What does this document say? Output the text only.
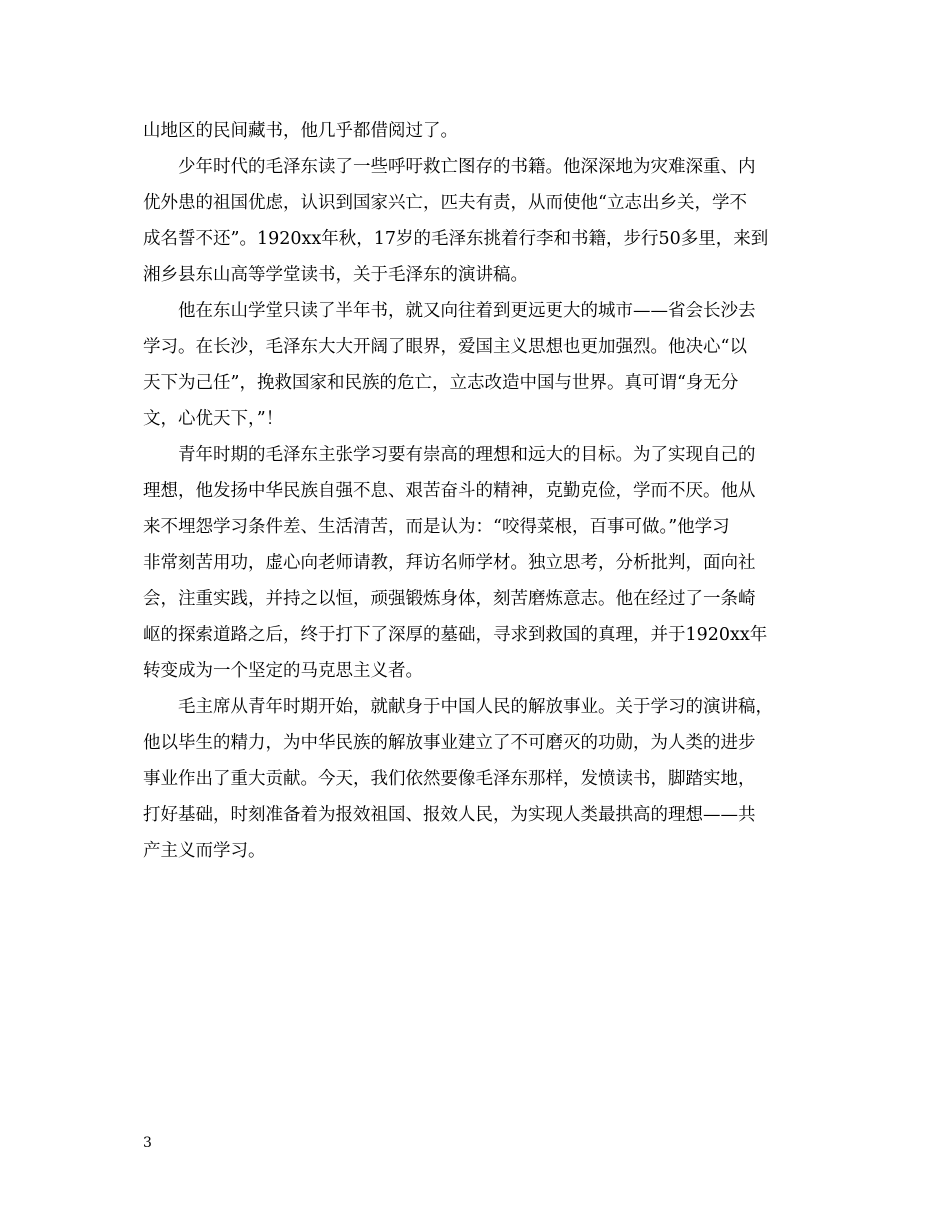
山地区的民间藏书，他几乎都借阅过了。
少年时代的毛泽东读了一些呼吁救亡图存的书籍。他深深地为灾难深重、内
优外患的祖国优虑，认识到国家兴亡，匹夫有责，从而使他“立志出乡关，学不
成名誓不还”。1920xx年秋，17岁的毛泽东挑着行李和书籍，步行50多里，来到
湘乡县东山高等学堂读书，关于毛泽东的演讲稿。
他在东山学堂只读了半年书，就又向往着到更远更大的城市——省会长沙去
学习。在长沙，毛泽东大大开阔了眼界，爱国主义思想也更加强烈。他决心“以
天下为己任”，挽救国家和民族的危亡，立志改造中国与世界。真可谓“身无分
文，心优天下，”！
青年时期的毛泽东主张学习要有崇高的理想和远大的目标。为了实现自己的
理想，他发扬中华民族自强不息、艰苦奋斗的精神，克勤克俭，学而不厌。他从
来不埋怨学习条件差、生活清苦，而是认为：“咬得菜根，百事可做。”他学习
非常刻苦用功，虚心向老师请教，拜访名师学材。独立思考，分析批判，面向社
会，注重实践，并持之以恒，顽强锻炼身体，刻苦磨炼意志。他在经过了一条崎
岖的探索道路之后，终于打下了深厚的墓础，寻求到救国的真理，并于1920xx年
转变成为一个坚定的马克思主义者。
毛主席从青年时期开始，就献身于中国人民的解放事业。关于学习的演讲稿，
他以毕生的精力，为中华民族的解放事业建立了不可磨灭的功勋，为人类的进步
事业作出了重大贡献。今天，我们依然要像毛泽东那样，发愤读书，脚踏实地，
打好基础，时刻准备着为报效祖国、报效人民，为实现人类最拱高的理想——共
产主义而学习。
3
